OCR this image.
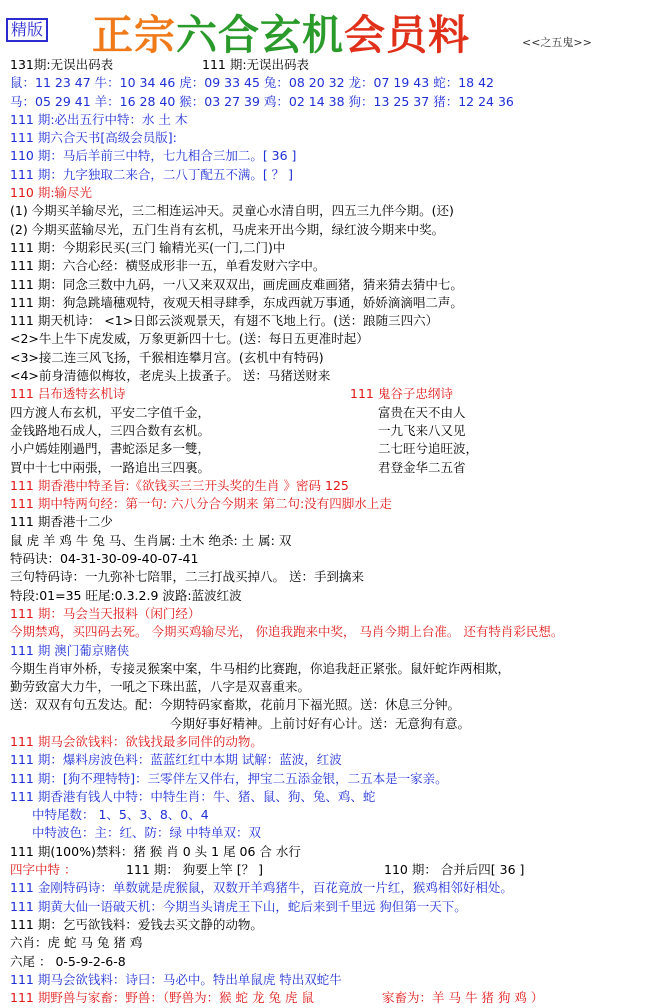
精版 正宗六合玄机会员料	<<之五鬼>>
131期:无误出码表	111 期:无误出码表
鼠：11 23 47 牛：10 34 46 虎：09 33 45 兔：08 20 32 龙：07 19 43 蛇：18 42
马：05 29 41 羊：16 28 40 猴：03 27 39 鸡：02 14 38 狗：13 25 37 猪：12 24 36
111 期:必出五行中特：水 土 木
111 期六合天书[高级会员版]:
110 期：马后羊前三中特，七九相合三加二。[ 36 ]
111 期：九字独取二来合，二八丁配五不满。[ ？ ]
110 期:输尽光
(1) 今期买羊输尽光，三二相连运冲天。灵童心水清自明，四五三九伴今期。(还)
(2) 今期买蓝输尽光，五门生肖有玄机，马虎来开出今期，绿红波今期来中奖。
111 期：今期彩民买(三门 输精光买(一门,二门)中
111 期：六合心经：横竖成形非一五，单看发财六字中。
111 期：同念三数中九码，一八又来双双出，画虎画皮难画猪，猜来猜去猜中七。
111 期：狗急跳墙穗观特，夜观天相寻肆季，东成西就万事通，娇娇滴滴唱二声。
111 期天机诗： <1>日郎云淡观景天，有翅不飞地上行。(送：踉随三四六）
<2>牛上牛下虎发威，万象更新四十七。(送：每日五更准时起）
<3>接二连三风飞扬，千猴相连攀月宫。(玄机中有特码)
<4>前身清德似梅妆，老虎头上拔蚤子。 送：马猪送财来
111 吕布透特玄机诗	111 鬼谷子忠纲诗
四方渡人布玄机，平安二字值千金，	富贵在天不由人
金钱路地石成人，三四合数有玄机。	一九飞来八又见
小户嫣娃刚過門，書蛇添足多一雙，	二七旺兮追旺波，
買中十七中兩張，一路追出三四裏。	君登金华二五省
111 期香港中特圣旨:《欲钱买三三开头奖的生肖 》密码 125
111 期中特两句经：第一句: 六八分合今期来 第二句:没有四脚水上走
111 期香港十二少
鼠 虎 羊 鸡 牛 兔 马、生肖属: 土木 绝杀: 土 属: 双
特码诀：04-31-30-09-40-07-41
三句特码诗：一九弥补七陪罪，二三打战买掉八。 送：手到擒来
特段:01=35 旺尾:0.3.2.9 波路:蓝波红波
111 期：马会当天报料（闲门经）
今期禁鸡，买四码去死。 今期买鸡输尽光， 你追我跑来中奖， 马肖今期上台准。 还有特肖彩民想。
111 期 澳门葡京赌侠
今期生肖审外桥，专接灵猴案中案，牛马相约比赛跑，你追我赶正紧张。鼠奸蛇诈两相欺，
勤劳致富大力牛，一吼之下珠出蓝，八字是双喜重来。
送：双双有句五发达。配：今期特码家畜欺，花前月下福光照。送：休息三分钟。
今期好事好精神。上前讨好有心计。送：无意狗有意。
111 期马会欲钱料：欲钱找最多同伴的动物。
111 期：爆料房波色料：蓝蓝红红中本期 试解：蓝波，红波
111 期：[狗不理特特]：三零伴左又伴右，押宝二五添金银，二五本是一家亲。
111 期香港有钱人中特：中特生肖：牛、猪、鼠、狗、兔、鸡、蛇
中特尾数： 1、5、3、8、0、4
中特波色：主：红、防：绿 中特单双：双
111 期(100%)禁料：猪 猴 肖 0 头 1 尾 06 合 水行
四字中特 ：	111 期： 狗要上竿 [？ ]	110 期： 合并后四[ 36 ]
111 金刚特码诗：单数就是虎猴鼠，双数开羊鸡猪牛，百花竟放一片红，猴鸡相邻好相处。
111 期黄大仙一语破天机：今期当头请虎王下山，蛇后来到千里远 狗但第一天下。
111 期：乞丐欲钱料：爱钱去买文静的动物。
六肖：虎 蛇 马 兔 猪 鸡
六尾 ： 0-5-9-2-6-8
111 期马会欲钱料：诗曰：马必中。特出单鼠虎 特出双蛇牛
111 期野兽与家畜：野兽：（野兽为：猴 蛇 龙 兔 虎 鼠	家畜为：羊 马 牛 猪 狗 鸡 ）
